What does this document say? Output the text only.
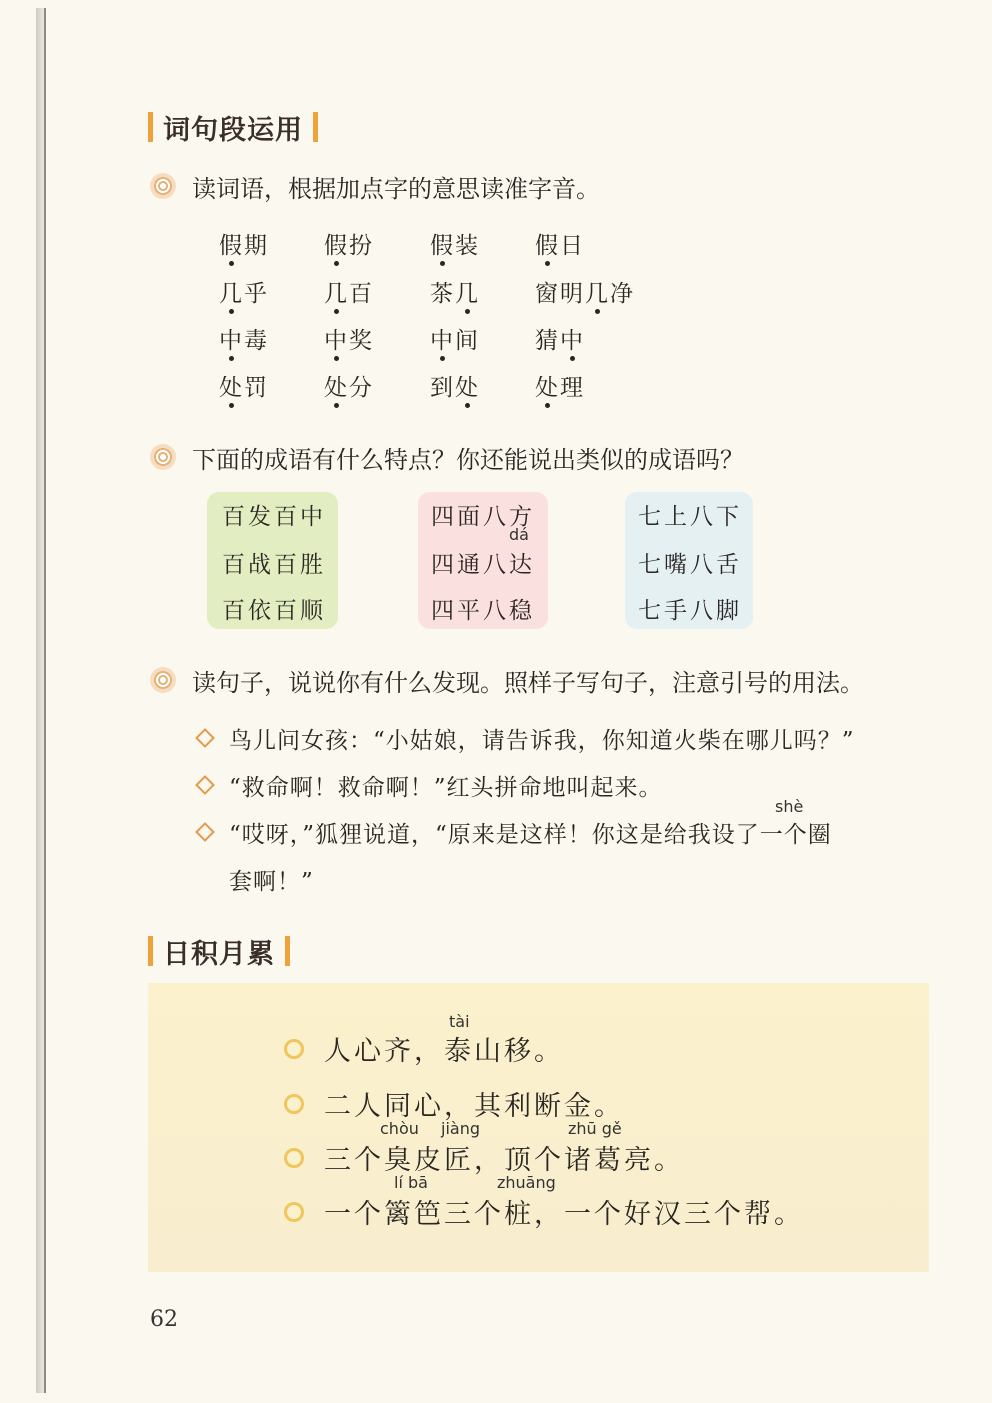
词句段运用
读词语，根据加点字的意思读准字音。
假期 假扮 假装 假日
几乎 几百 茶几 窗明几净
中毒 中奖 中间 猜中
处罚 处分 到处 处理
下面的成语有什么特点？你还能说出类似的成语吗？
百发百中
百战百胜
百依百顺
四面八方
dá
四通八达
四平八稳
七上八下
七嘴八舌
七手八脚
读句子，说说你有什么发现。照样子写句子，注意引号的用法。
鸟儿问女孩：“小姑娘，请告诉我，你知道火柴在哪儿吗？”
“救命啊！救命啊！”红头拼命地叫起来。
shè
“哎呀，”狐狸说道，“原来是这样！你这是给我设了一个圈
套啊！”
日积月累
tài
人心齐，泰山移。
二人同心，其利断金。
chòu jiàng	zhū gě
三个臭皮匠，顶个诸葛亮。
lí bā	zhuāng
一个篱笆三个桩，一个好汉三个帮。
62
